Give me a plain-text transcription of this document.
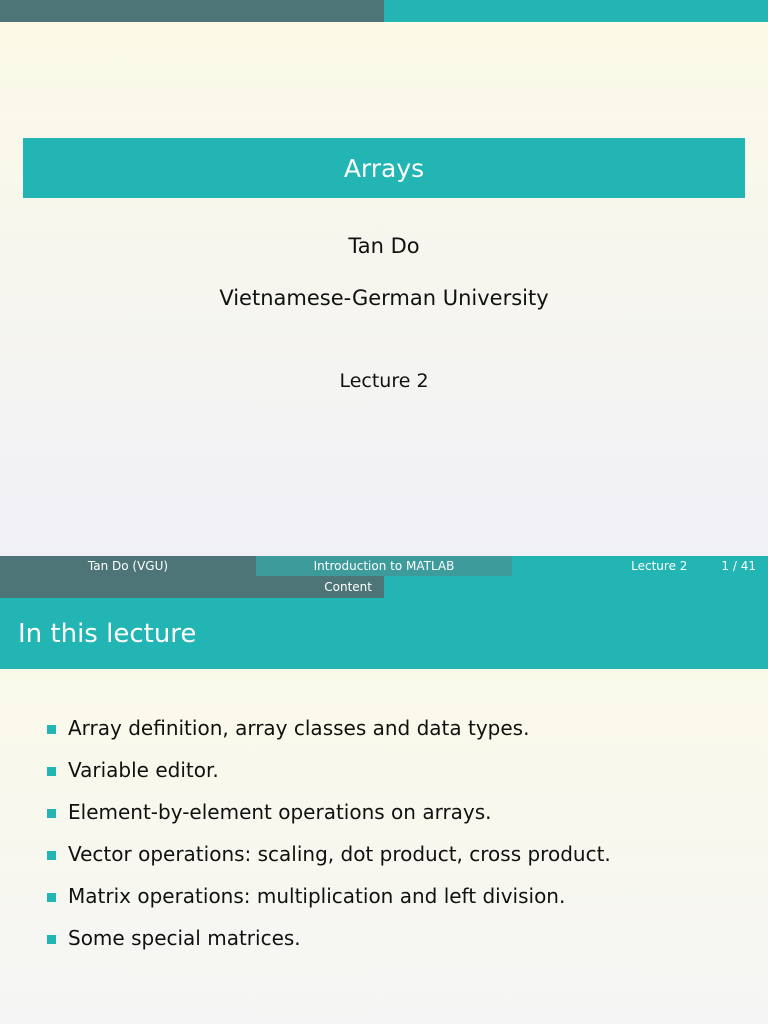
Arrays
Tan Do
Vietnamese-German University
Lecture 2
Tan Do (VGU)	Introduction to MATLAB	Lecture 2	1 / 41
Content
In this lecture
Array definition, array classes and data types.
Variable editor.
Element-by-element operations on arrays.
Vector operations: scaling, dot product, cross product.
Matrix operations: multiplication and left division.
Some special matrices.
